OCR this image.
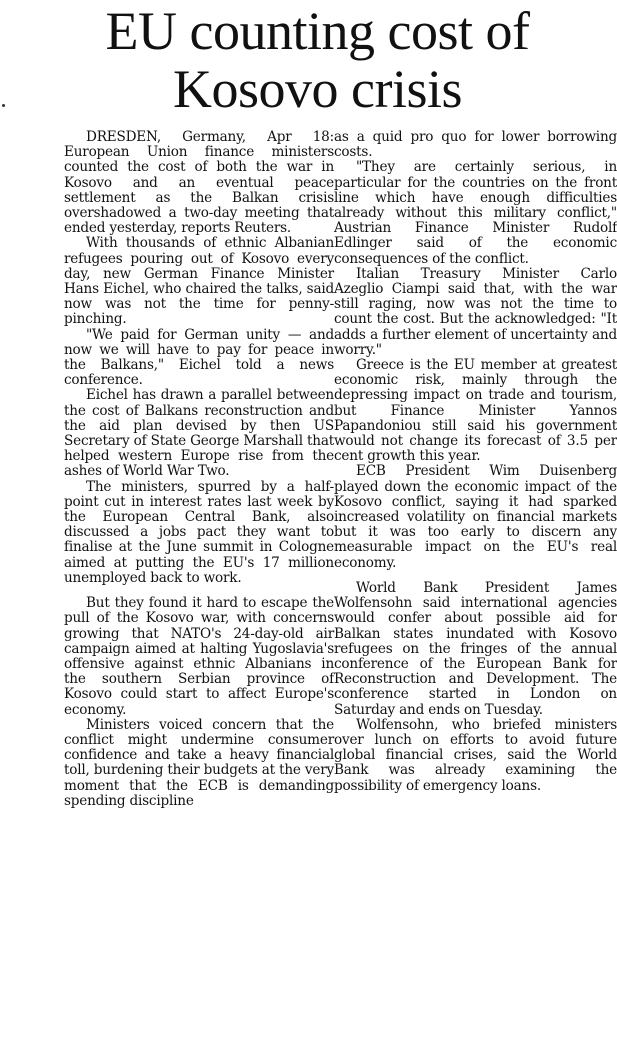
EU counting cost of
Kosovo crisis

DRESDEN, Germany, Apr 18: European Union finance ministers counted the cost of both the war in Kosovo and an eventual peace settlement as the Balkan crisis overshadowed a two-day meeting that ended yesterday, reports Reuters.

With thousands of ethnic Albanian refugees pouring out of Kosovo every day, new German Finance Minister Hans Eichel, who chaired the talks, said now was not the time for penny-pinching.

"We paid for German unity — and now we will have to pay for peace in the Balkans," Eichel told a news conference.

Eichel has drawn a parallel between the cost of Balkans reconstruction and the aid plan devised by then US Secretary of State George Marshall that helped western Europe rise from the ashes of World War Two.

The ministers, spurred by a half-point cut in interest rates last week by the European Central Bank, also discussed a jobs pact they want to finalise at the June summit in Cologne aimed at putting the EU's 17 million unemployed back to work.

But they found it hard to escape the pull of the Kosovo war, with concerns growing that NATO's 24-day-old air campaign aimed at halting Yugoslavia's offensive against ethnic Albanians in the southern Serbian province of Kosovo could start to affect Europe's economy.

Ministers voiced concern that the conflict might undermine consumer confidence and take a heavy financial toll, burdening their budgets at the very moment that the ECB is demanding spending discipline

as a quid pro quo for lower borrowing costs.

"They are certainly serious, in particular for the countries on the front line which have enough difficulties already without this military conflict," Austrian Finance Minister Rudolf Edlinger said of the economic consequences of the conflict.

Italian Treasury Minister Carlo Azeglio Ciampi said that, with the war still raging, now was not the time to count the cost. But the acknowledged: "It adds a further element of uncertainty and worry."

Greece is the EU member at greatest economic risk, mainly through the depressing impact on trade and tourism, but Finance Minister Yannos Papandoniou still said his government would not change its forecast of 3.5 per cent growth this year.

ECB President Wim Duisenberg played down the economic impact of the Kosovo conflict, saying it had sparked increased volatility on financial markets but it was too early to discern any measurable impact on the EU's real economy.

World Bank President James Wolfensohn said international agencies would confer about possible aid for Balkan states inundated with Kosovo refugees on the fringes of the annual conference of the European Bank for Reconstruction and Development. The conference started in London on Saturday and ends on Tuesday.

Wolfensohn, who briefed ministers over lunch on efforts to avoid future global financial crises, said the World Bank was already examining the possibility of emergency loans.
